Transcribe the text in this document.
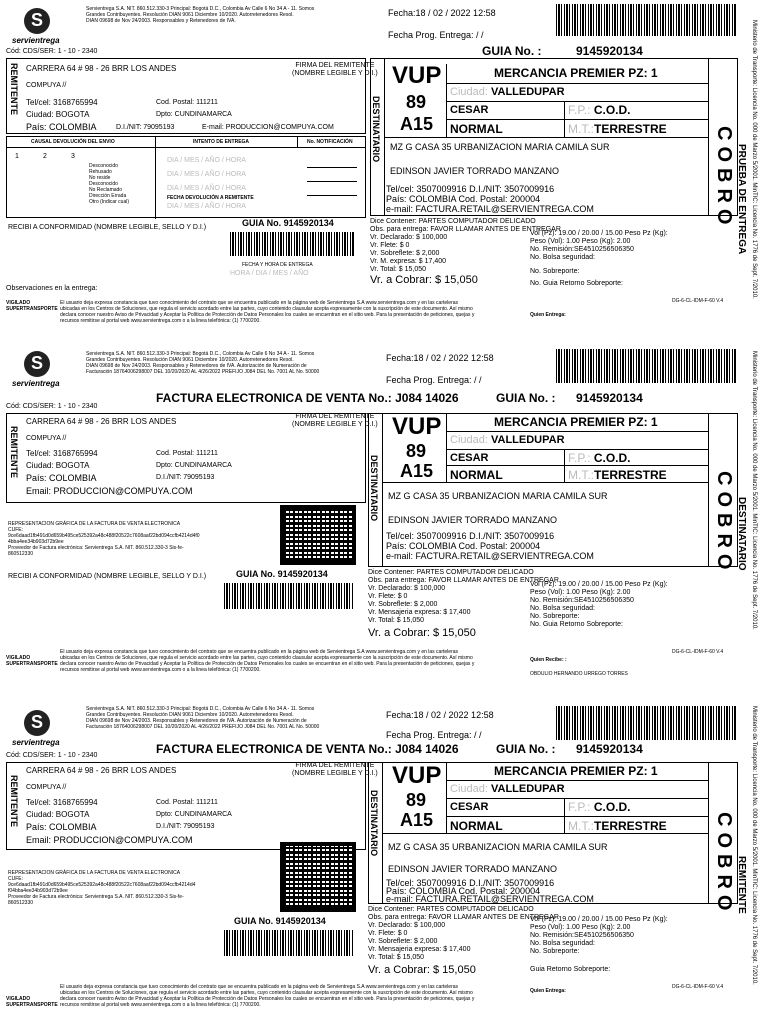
S
servientrega
Servientrega S.A. NIT. 860.512.330-3 Principal: Bogotá D.C., Colombia Av Calle 6 No 34 A - 11. Somos
Grandes Contribuyentes. Resolución DIAN 9061 Diciembre 10/2020. Autorretenedores Resol.
DIAN 09698 de Nov 24/2003. Responsables y Retenedores de IVA.
Fecha:18 / 02 / 2022 12:58
Fecha Prog. Entrega: / /
GUIA No. :	9145920134
Cód: CDS/SER: 1 - 10 - 2340
REMITENTE	FIRMA DEL REMITENTE
(NOMBRE LEGIBLE Y D.I.)
CARRERA 64 # 98 - 26 BRR LOS ANDES
COMPUYA //
Tel/cel: 3168765994	Cod. Postal: 111211
Ciudad: BOGOTA	Dpto: CUNDINAMARCA
País: COLOMBIA	D.I./NIT: 79095193	E-mail: PRODUCCION@COMPUYA.COM
CAUSAL DEVOLUCIÓN DEL ENVIO	INTENTO DE ENTREGA	No. NOTIFICACIÓN
1	2	3
Desconocido
Rehusado
No reside
Desconocido
No Reclamado
Dirección Errada
Otro (Indicar cual)
DIA / MES / AÑO / HORA
DIA / MES / AÑO / HORA
DIA / MES / AÑO / HORA
FECHA DEVOLUCIÓN A REMITENTE
DIA / MES / AÑO / HORA
RECIBI A CONFORMIDAD (NOMBRE LEGIBLE, SELLO Y D.I.)	GUIA No. 9145920134
FECHA Y HORA DE ENTREGA
HORA / DIA / MES / AÑO
Observaciones en la entrega:
DESTINATARIO
VUP
89
A15
MERCANCIA PREMIER PZ: 1
Ciudad: VALLEDUPAR
CESAR	F.P.: C.O.D.
NORMAL	M.T.:TERRESTRE COBRO
MZ G CASA 35 URBANIZACION MARIA CAMILA SUR
EDINSON JAVIER TORRADO MANZANO
Tel/cel: 3507009916 D.I./NIT: 3507009916
País: COLOMBIA Cod. Postal: 200004
e-mail: FACTURA.RETAIL@SERVIENTREGA.COM
Dice Contener: PARTES COMPUTADOR DELICADO
Obs. para entrega: FAVOR LLAMAR ANTES DE ENTREGAR
Vr. Declarado: $ 100,000
Vr. Flete: $ 0
Vr. Sobreflete: $ 2,000
Vr. M. expresa: $ 17,400
Vr. Total: $ 15,050
Vr. a Cobrar: $ 15,050
Vol (Pz): 19.00 / 20.00 / 15.00 Peso Pz (Kg):
Peso (Vol): 1.00 Peso (Kg): 2.00
No. Remisión:SE4510256506350
No. Bolsa seguridad:
No. Sobreporte:
No. Guia Retorno Sobreporte:
VIGILADO SUPERTRANSPORTE
El usuario deja expresa constancia que tuvo conocimiento del contrato que se encuentra publicado en la página web de Servientrega S.A www.servientrega.com y en las carteleras
ubicadas en los Centros de Soluciones, que regula el servicio acordado entre las partes, cuyo contenido clausular acepta expresamente con la suscripción de este documento. Así mismo
declara conocer nuestro Aviso de Privacidad y Aceptar la Política de Protección de Datos Personales los cuales se encuentran en el sitio web. Para la presentación de peticiones, quejas y
recursos remitirse al portal web www.servientrega.com o a la linea telefónica: (1) 7700200.
DG-6-CL-IDM-F-60 V.4
Quien Entrega:
Ministerio de Transporte: Licencia No. 000 de Marzo 5/2001. MinTIC: Licencia No. 1776 de Sept. 7/2010.
PRUEBA DE ENTREGA
S
servientrega
Servientrega S.A. NIT. 860.512.330-3 Principal: Bogotá D.C., Colombia Av Calle 6 No 34 A - 11. Somos
Grandes Contribuyentes. Resolución DIAN 9061 Diciembre 10/2020. Autorretenedores Resol.
DIAN 09698 de Nov 24/2003. Responsables y Retenedores de IVA. Autorización de Numeración de
Facturación 18764006298007 DEL 10/20/2020 AL 4/26/2022 PREFIJO J084 DEL No. 7001 AL No. 50000
Fecha:18 / 02 / 2022 12:58
Fecha Prog. Entrega: / /
Cód: CDS/SER: 1 - 10 - 2340
FACTURA ELECTRONICA DE VENTA No.: J084 14026	GUIA No. : 9145920134
REMITENTE
FIRMA DEL REMITENTE
(NOMBRE LEGIBLE Y D.I.)
CARRERA 64 # 98 - 26 BRR LOS ANDES
COMPUYA //
Tel/cel: 3168765994	Cod. Postal: 111211
Ciudad: BOGOTA	Dpto: CUNDINAMARCA
País: COLOMBIA	D.I./NIT: 79095193
Email: PRODUCCION@COMPUYA.COM
REPRESENTACION GRÁFICA DE LA FACTURA DE VENTA ELECTRONICA
CUFE:
9ce6daad1fb491d0d659b495ce525392a48c488f20522c7608aaf22bd094ccfb4214d4f0
4bba4ee34b903d72b9ee
Proveedor de Factura electrónica: Servientrega S.A. NIT. 860.512.330-3 Sis-fe-
860512330
RECIBI A CONFORMIDAD (NOMBRE LEGIBLE, SELLO Y D.I.)	GUIA No. 9145920134
DESTINATARIO
VUP
89
A15
MERCANCIA PREMIER PZ: 1
Ciudad: VALLEDUPAR
CESAR	F.P.: C.O.D.
NORMAL	M.T.:TERRESTRE COBRO
MZ G CASA 35 URBANIZACION MARIA CAMILA SUR
EDINSON JAVIER TORRADO MANZANO
Tel/cel: 3507009916 D.I./NIT: 3507009916
País: COLOMBIA Cod. Postal: 200004
e-mail: FACTURA.RETAIL@SERVIENTREGA.COM
Dice Contener: PARTES COMPUTADOR DELICADO
Obs. para entrega: FAVOR LLAMAR ANTES DE ENTREGAR
Vr. Declarado: $ 100,000
Vr. Flete: $ 0
Vr. Sobreflete: $ 2,000
Vr. Mensajeria expresa: $ 17,400
Vr. Total: $ 15,050
Vr. a Cobrar: $ 15,050
Vol (Pz): 19.00 / 20.00 / 15.00 Peso Pz (Kg):
Peso (Vol): 1.00 Peso (Kg): 2.00
No. Remisión:SE4510256506350
No. Bolsa seguridad:
No. Sobreporte:
No. Guia Retorno Sobreporte:
VIGILADO SUPERTRANSPORTE
El usuario deja expresa constancia que tuvo conocimiento del contrato que se encuentra publicado en la página web de Servientrega S.A www.servientrega.com y en las carteleras
ubicadas en los Centros de Soluciones, que regula el servicio acordado entre las partes, cuyo contenido clausular acepta expresamente con la suscripción de este documento. Así mismo
declara conocer nuestro Aviso de Privacidad y Aceptar la Política de Protección de Datos Personales los cuales se encuentran en el sitio web. Para la presentación de peticiones, quejas y
recursos remitirse al portal web www.servientrega.com o a la linea telefónica: (1) 7700200.
DG-6-CL-IDM-F-60 V.4
Quien Recibe: :
OBDULIO HERNANDO URREGO TORRES
Ministerio de Transporte: Licencia No. 000 de Marzo 5/2001. MinTIC: Licencia No. 1776 de Sept. 7/2010.
DESTINATARIO
S
servientrega
Servientrega S.A. NIT. 860.512.330-3 Principal: Bogotá D.C., Colombia Av Calle 6 No 34 A - 11. Somos
Grandes Contribuyentes. Resolución DIAN 9061 Diciembre 10/2020. Autorretenedores Resol.
DIAN 09698 de Nov 24/2003. Responsables y Retenedores de IVA. Autorización de Numeración de
Facturación 18764006298007 DEL 10/20/2020 AL 4/26/2022 PREFIJO J084 DEL No. 7001 AL No. 50000
Fecha:18 / 02 / 2022 12:58
Fecha Prog. Entrega: / /
Cód: CDS/SER: 1 - 10 - 2340	FACTURA ELECTRONICA DE VENTA No.: J084 14026	GUIA No. : 9145920134
REMITENTE
FIRMA DEL REMITENTE
(NOMBRE LEGIBLE Y D.I.)
CARRERA 64 # 98 - 26 BRR LOS ANDES
COMPUYA //
Tel/cel: 3168765994	Cod. Postal: 111211
Ciudad: BOGOTA	Dpto: CUNDINAMARCA
País: COLOMBIA	D.I./NIT: 79095193
Email: PRODUCCION@COMPUYA.COM
REPRESENTACION GRÁFICA DE LA FACTURA DE VENTA ELECTRONICA
CUFE:
9ce6daad1fb491d0d659b495ce525392a48c488f20522c7608aaf22bd094ccfb4214d4
f04bba4ee34b903d72b9ee
Proveedor de Factura electrónica: Servientrega S.A. NIT. 860.512.330-3 Sis-fe-
860512330
GUIA No. 9145920134
DESTINATARIO
VUP
89
A15
MERCANCIA PREMIER PZ: 1
Ciudad: VALLEDUPAR
CESAR	F.P.: C.O.D.
NORMAL	M.T.:TERRESTRE COBRO
MZ G CASA 35 URBANIZACION MARIA CAMILA SUR
EDINSON JAVIER TORRADO MANZANO
Tel/cel: 3507009916 D.I./NIT: 3507009916
País: COLOMBIA Cod. Postal: 200004
e-mail: FACTURA.RETAIL@SERVIENTREGA.COM
Dice Contener: PARTES COMPUTADOR DELICADO
Obs. para entrega: FAVOR LLAMAR ANTES DE ENTREGAR
Vr. Declarado: $ 100,000
Vr. Flete: $ 0
Vr. Sobreflete: $ 2,000
Vr. Mensajeria expresa: $ 17,400
Vr. Total: $ 15,050
Vr. a Cobrar: $ 15,050
Vol (Pz): 19.00 / 20.00 / 15.00 Peso Pz (Kg):
Peso (Vol): 1.00 Peso (Kg): 2.00
No. Remisión:SE4510256506350
No. Bolsa seguridad:
No. Sobreporte:
Guia Retorno Sobreporte:
VIGILADO SUPERTRANSPORTE
El usuario deja expresa constancia que tuvo conocimiento del contrato que se encuentra publicado en la página web de Servientrega S.A www.servientrega.com y en las carteleras
ubicadas en los Centros de Soluciones, que regula el servicio acordado entre las partes, cuyo contenido clausular acepta expresamente con la suscripción de este documento. Así mismo
declara conocer nuestro Aviso de Privacidad y Aceptar la Política de Protección de Datos Personales los cuales se encuentran en el sitio web. Para la presentación de peticiones, quejas y
recursos remitirse al portal web www.servientrega.com o a la linea telefónica: (1) 7700200.
DG-6-CL-IDM-F-60 V.4
Quien Entrega:
Ministerio de Transporte: Licencia No. 000 de Marzo 5/2001. MinTIC: Licencia No. 1776 de Sept. 7/2010.
REMITENTE
